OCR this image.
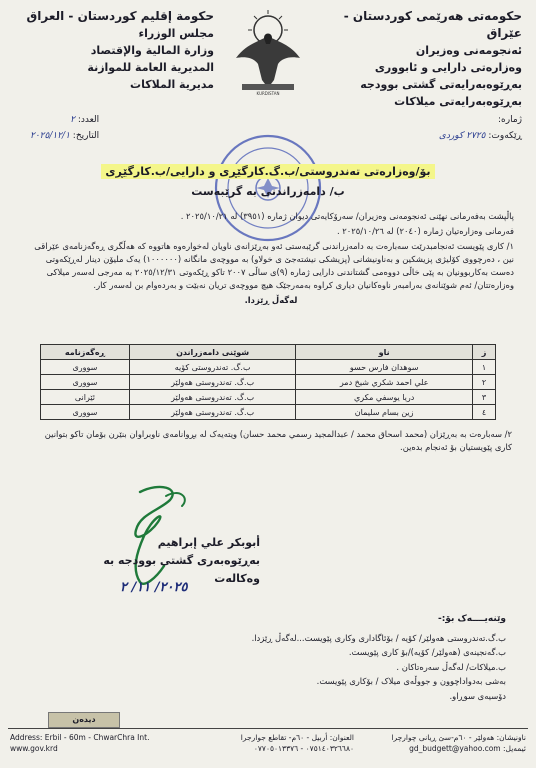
حکومەتی هەرێمی کوردستان - عێراق
ئەنجومەنی وەزیران
وەزارەتی دارایی و ئابووری
بەڕێوەبەرایەتی گشتی بوودجە
بەڕێوەبەرایەتی میلاکات
KURDISTAN
حكومة إقليم كوردستان - العراق
مجلس الوزراء
وزارة المالية والإقتصاد
المديرية العامة للموازنة
مديرية الملاكات
ژمارە:
ڕێکەوت: ٢٧٢٥ کوردی
العدد: ٢
التاريخ: ٢٠٢٥/١٢/١
بۆ/وەزارەتی تەندروستی/ب.گ.کارگێڕی و دارایی/ب.کارگێڕی
ب/ دامەزراندنی بە گرێبەست

پاڵپشت بەفەرمانی نهێنی ئەنجومەنی وەزیران/ سەرۆکایەتی دیوان ژمارە (٣٩٥١) لە ٢٠٢٥/١٠/٢١ .

فەرمانی وەزارەتیان ژمارە (٢٠٤٠) لە ٢٠٢٥/١٠/٢٦ .

١/ کاری پێویست ئەنجامبدرێت سەبارەت بە دامەزراندنی گرێبەستی ئەو بەڕێزانەی ناویان لەخوارەوە هاتووە کە هەڵگری ڕەگەزنامەی عێراقی نین ، دەرچووی کۆلیژی پزیشکین و بەناونیشانی (پزیشکی نیشتەجێ ی خولاو) بە مووچەی مانگانە (١٠٠٠٠٠٠) یەک ملیۆن دینار لەڕێکەوتی دەست بەکاربوونیان بە پێی خاڵی دووەمی گشتاندنی دارایی ژمارە (٩)ی ساڵی ٢٠٠٧ تاکو ڕێکەوتی ٢٠٢٥/١٢/٣١ بە مەرجی لەسەر میلاکی وەزارەتتان/ ئەم شوێنانەی بەرامبەر ناوەکانیان دیاری کراوە بەمەرجێک هیچ مووچەی تریان نەبێت و بەردەوام بن لەسەر کار.

لەگەڵ ڕێزدا.

ز	ناو	شوێنی دامەزراندن	ڕەگەزنامە
١	سوهدان فارس حسو	ب.گ. تەندروستی کۆیە	سووری
٢	علي احمد شكري شيخ دمر	ب.گ. تەندروستی هەولێر	سووری
٣	دريا يوسفي مكري	ب.گ. تەندروستی هەولێر	ئێرانی
٤	زين بسام سليمان	ب.گ. تەندروستی هەولێر	سووری
٢/ سەبارەت بە بەڕێزان (محمد اسحاق محمد / عبدالمجید رسمي محمد حسان) ویتەیەک لە بڕوانامەی ناوبراوان بنێرن بۆمان تاکو بتوانین کاری پێویستیان بۆ ئەنجام بدەین.
أبوبكر علي إبراهيم
بەڕێوەبەری گشتی بوودجە بە وەکالەت
٢٠٢٥/ ١١/ ٢
وێنەیــــەک بۆ:-
ب.گ.تەندروستی هەولێر/ کۆیە / بۆئاگاداری وکاری پێویست...لەگەڵ ڕێزدا.
ب.گەنجینەی (هەولێر/ کۆیە)/بۆ کاری پێویست.
ب.میلاکات/ لەگەڵ سەرەتاکان .
بەشی بەدواداچوون و جووڵەی میلاک / بۆکاری پێویست.
دۆسیەی سوڕاو.
دیدەن
Address: Erbil - 60m - ChwarChra Int.
www.gov.krd
العنوان: أربيل - ٦٠م- تقاطع جوارجرا
٠٧٥١٤٠٣٢٦٦٨٠ - ٠٧٧٠٥٠١٣٣٧٦
ناونیشان: هەولێر - ٦٠م-سێ ڕیانی چوارچرا
ئیمەیل: gd_budgett@yahoo.com
